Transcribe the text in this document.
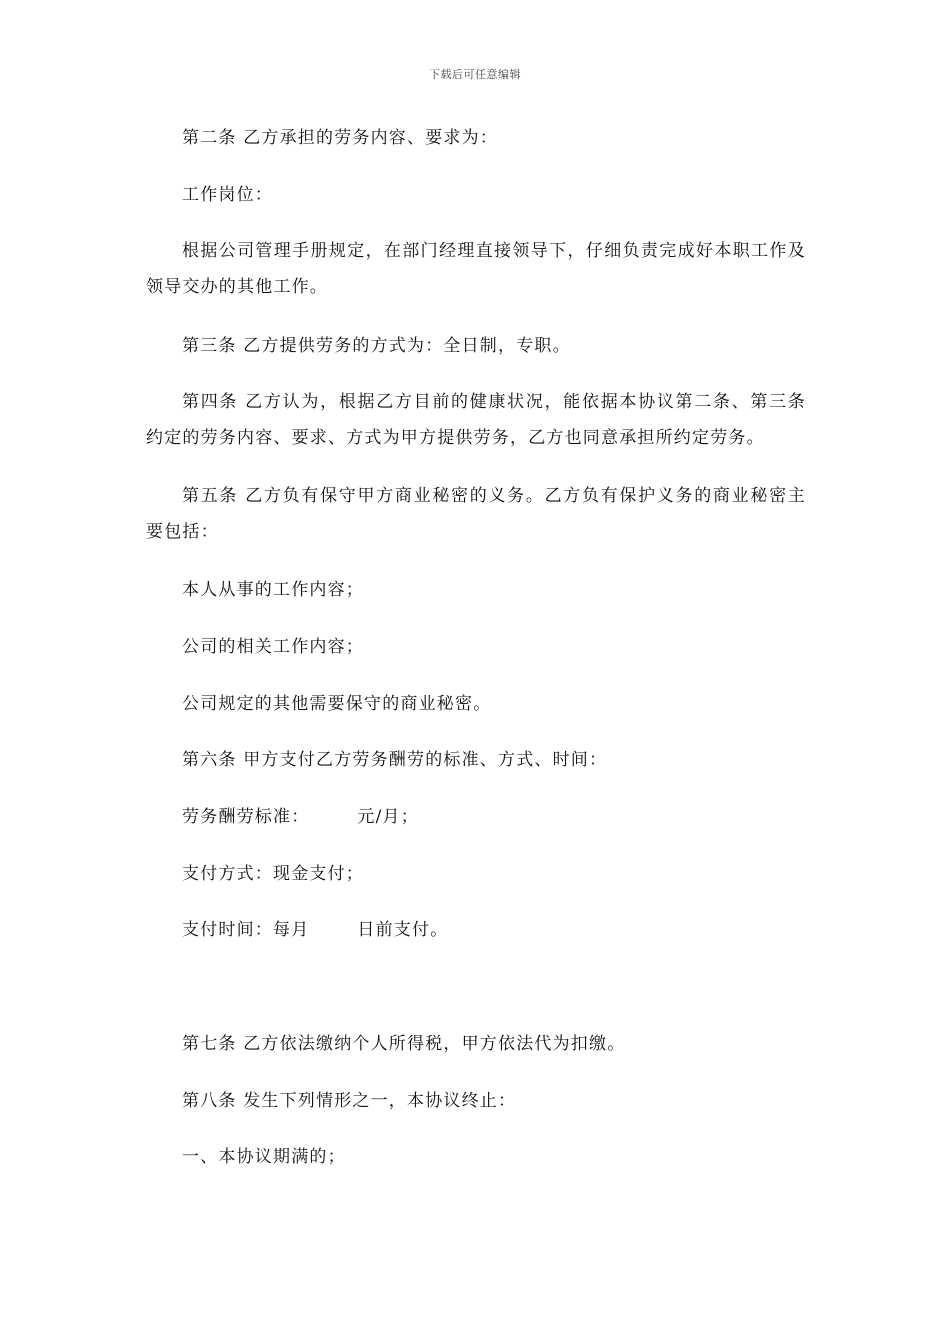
下载后可任意编辑

第二条 乙方承担的劳务内容、要求为：

工作岗位：

根据公司管理手册规定，在部门经理直接领导下，仔细负责完成好本职工作及领导交办的其他工作。

第三条 乙方提供劳务的方式为：全日制，专职。

第四条 乙方认为，根据乙方目前的健康状况，能依据本协议第二条、第三条约定的劳务内容、要求、方式为甲方提供劳务，乙方也同意承担所约定劳务。

第五条 乙方负有保守甲方商业秘密的义务。乙方负有保护义务的商业秘密主要包括：

本人从事的工作内容；

公司的相关工作内容；

公司规定的其他需要保守的商业秘密。

第六条 甲方支付乙方劳务酬劳的标准、方式、时间：

劳务酬劳标准：	元/月；

支付方式：现金支付；

支付时间：每月	日前支付。

第七条 乙方依法缴纳个人所得税，甲方依法代为扣缴。

第八条 发生下列情形之一，本协议终止：

一、本协议期满的；
